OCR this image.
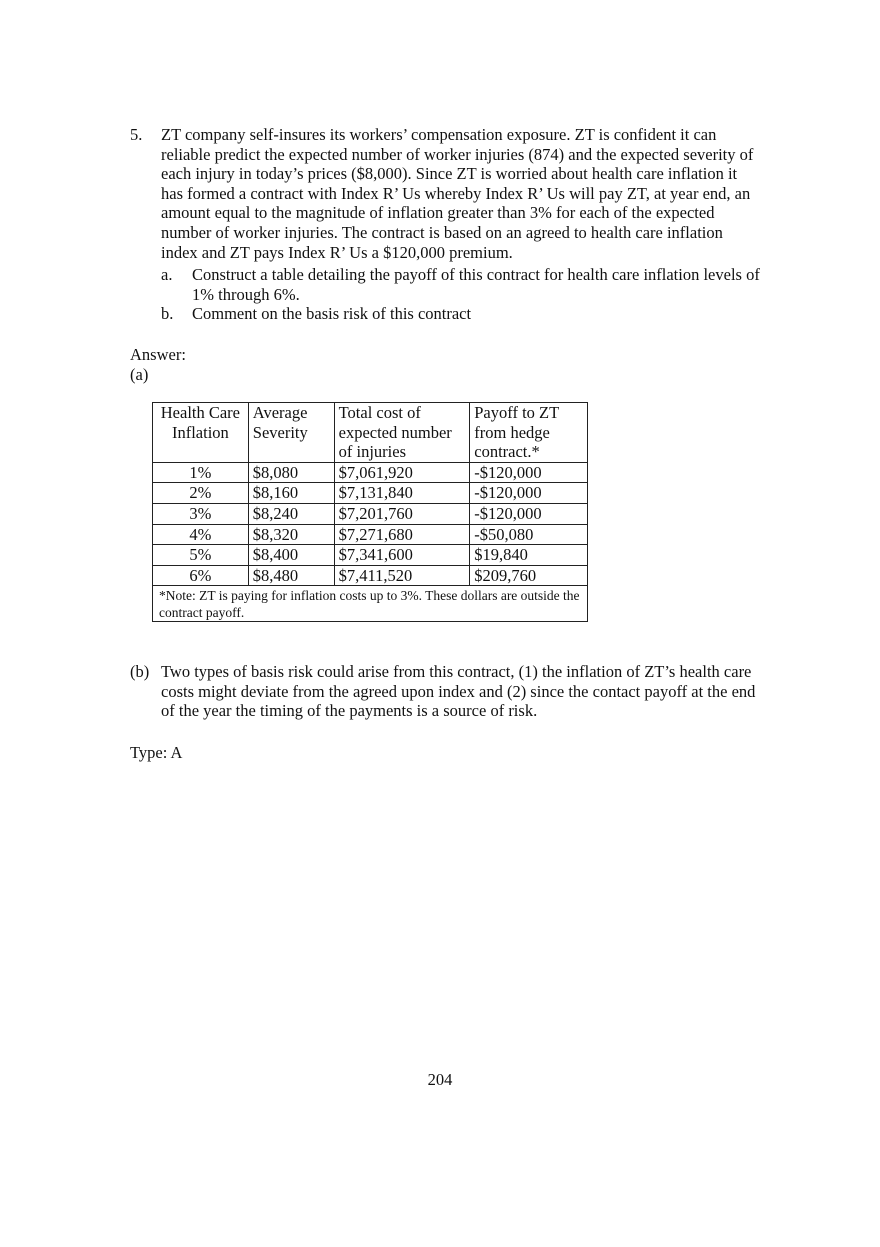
5. ZT company self-insures its workers’ compensation exposure. ZT is confident it can reliable predict the expected number of worker injuries (874) and the expected severity of each injury in today’s prices ($8,000). Since ZT is worried about health care inflation it has formed a contract with Index R’ Us whereby Index R’ Us will pay ZT, at year end, an amount equal to the magnitude of inflation greater than 3% for each of the expected number of worker injuries. The contract is based on an agreed to health care inflation index and ZT pays Index R’ Us a $120,000 premium.
a.	Construct a table detailing the payoff of this contract for health care inflation levels of 1% through 6%.
b.	Comment on the basis risk of this contract
Answer:
(a)
Health Care Inflation	Average Severity	Total cost of expected number of injuries	Payoff to ZT from hedge contract.*
1%	$8,080	$7,061,920	-$120,000
2%	$8,160	$7,131,840	-$120,000
3%	$8,240	$7,201,760	-$120,000
4%	$8,320	$7,271,680	-$50,080
5%	$8,400	$7,341,600	$19,840
6%	$8,480	$7,411,520	$209,760
*Note: ZT is paying for inflation costs up to 3%. These dollars are outside the contract payoff.			
(b) Two types of basis risk could arise from this contract, (1) the inflation of ZT’s health care costs might deviate from the agreed upon index and (2) since the contact payoff at the end of the year the timing of the payments is a source of risk.
Type: A
204
